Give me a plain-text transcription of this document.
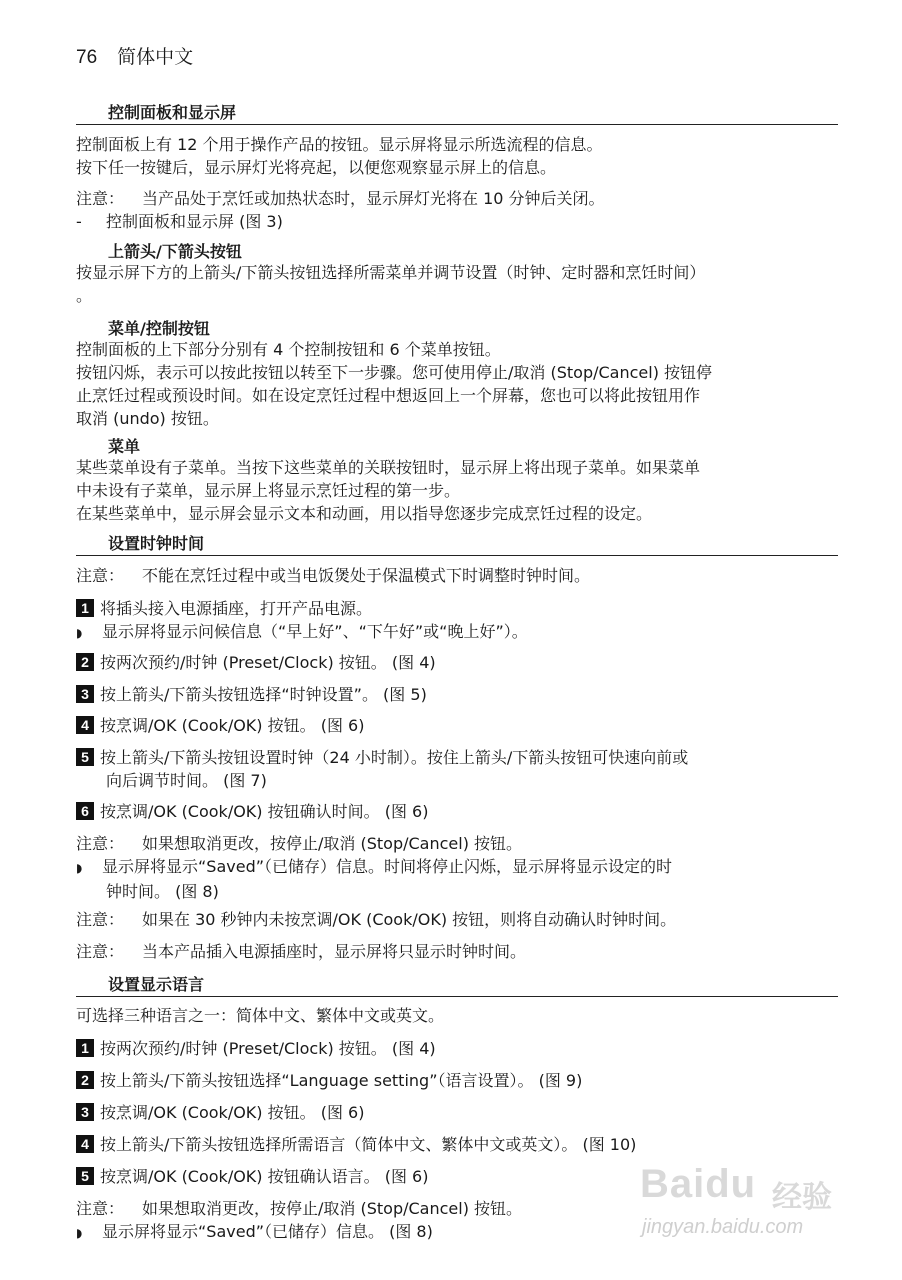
76 简体中文
控制面板和显示屏
控制面板上有 12 个用于操作产品的按钮。显示屏将显示所选流程的信息。
按下任一按键后，显示屏灯光将亮起，以便您观察显示屏上的信息。
注意： 当产品处于烹饪或加热状态时，显示屏灯光将在 10 分钟后关闭。
- 控制面板和显示屏 (图 3)
上箭头/下箭头按钮
按显示屏下方的上箭头/下箭头按钮选择所需菜单并调节设置（时钟、定时器和烹饪时间）
。
菜单/控制按钮
控制面板的上下部分分别有 4 个控制按钮和 6 个菜单按钮。
按钮闪烁，表示可以按此按钮以转至下一步骤。您可使用停止/取消 (Stop/Cancel) 按钮停
止烹饪过程或预设时间。如在设定烹饪过程中想返回上一个屏幕，您也可以将此按钮用作
取消 (undo) 按钮。
菜单
某些菜单设有子菜单。当按下这些菜单的关联按钮时，显示屏上将出现子菜单。如果菜单
中未设有子菜单，显示屏上将显示烹饪过程的第一步。
在某些菜单中，显示屏会显示文本和动画，用以指导您逐步完成烹饪过程的设定。
设置时钟时间
注意： 不能在烹饪过程中或当电饭煲处于保温模式下时调整时钟时间。
1 将插头接入电源插座，打开产品电源。
◗ 显示屏将显示问候信息（“早上好”、“下午好”或“晚上好”）。
2 按两次预约/时钟 (Preset/Clock) 按钮。 (图 4)
3 按上箭头/下箭头按钮选择“时钟设置”。 (图 5)
4 按烹调/OK (Cook/OK) 按钮。 (图 6)
5 按上箭头/下箭头按钮设置时钟（24 小时制）。按住上箭头/下箭头按钮可快速向前或
向后调节时间。 (图 7)
6 按烹调/OK (Cook/OK) 按钮确认时间。 (图 6)
注意： 如果想取消更改，按停止/取消 (Stop/Cancel) 按钮。
◗ 显示屏将显示“Saved”（已储存）信息。时间将停止闪烁，显示屏将显示设定的时
钟时间。 (图 8)
注意： 如果在 30 秒钟内未按烹调/OK (Cook/OK) 按钮，则将自动确认时钟时间。
注意： 当本产品插入电源插座时，显示屏将只显示时钟时间。
设置显示语言
可选择三种语言之一：简体中文、繁体中文或英文。
1 按两次预约/时钟 (Preset/Clock) 按钮。 (图 4)
2 按上箭头/下箭头按钮选择“Language setting”（语言设置）。 (图 9)
3 按烹调/OK (Cook/OK) 按钮。 (图 6)
4 按上箭头/下箭头按钮选择所需语言（简体中文、繁体中文或英文）。 (图 10)
5 按烹调/OK (Cook/OK) 按钮确认语言。 (图 6)
注意： 如果想取消更改，按停止/取消 (Stop/Cancel) 按钮。
◗ 显示屏将显示“Saved”（已储存）信息。 (图 8)
Baidu 经验
jingyan.baidu.com
